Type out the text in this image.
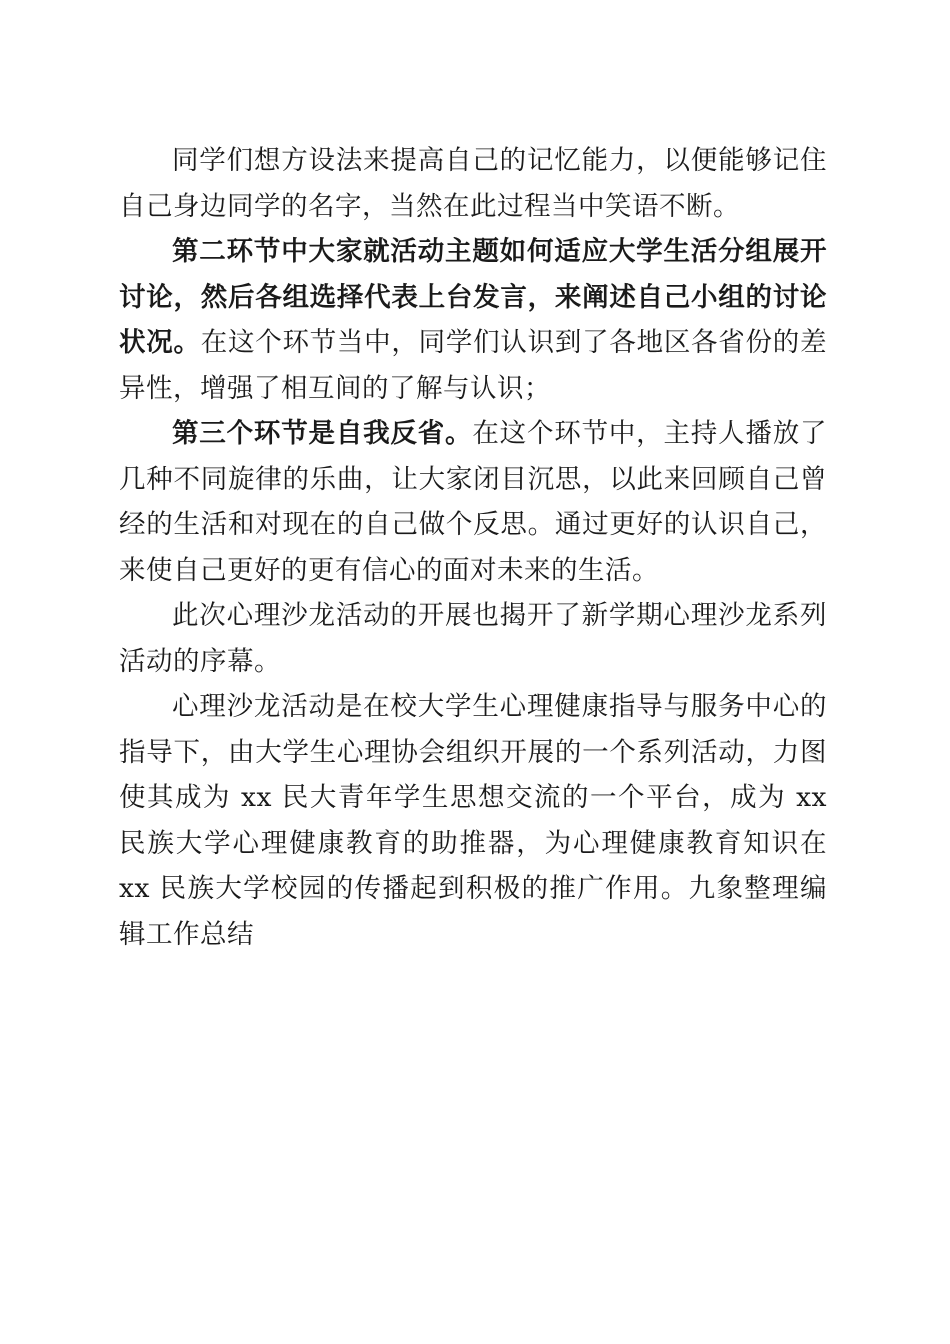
同学们想方设法来提高自己的记忆能力，以便能够记住自己身边同学的名字，当然在此过程当中笑语不断。

第二环节中大家就活动主题如何适应大学生活分组展开讨论，然后各组选择代表上台发言，来阐述自己小组的讨论状况。在这个环节当中，同学们认识到了各地区各省份的差异性，增强了相互间的了解与认识；

第三个环节是自我反省。在这个环节中，主持人播放了几种不同旋律的乐曲，让大家闭目沉思，以此来回顾自己曾经的生活和对现在的自己做个反思。通过更好的认识自己，来使自己更好的更有信心的面对未来的生活。

此次心理沙龙活动的开展也揭开了新学期心理沙龙系列活动的序幕。

心理沙龙活动是在校大学生心理健康指导与服务中心的指导下，由大学生心理协会组织开展的一个系列活动，力图使其成为 xx 民大青年学生思想交流的一个平台，成为 xx 民族大学心理健康教育的助推器，为心理健康教育知识在 xx 民族大学校园的传播起到积极的推广作用。九象整理编辑工作总结
